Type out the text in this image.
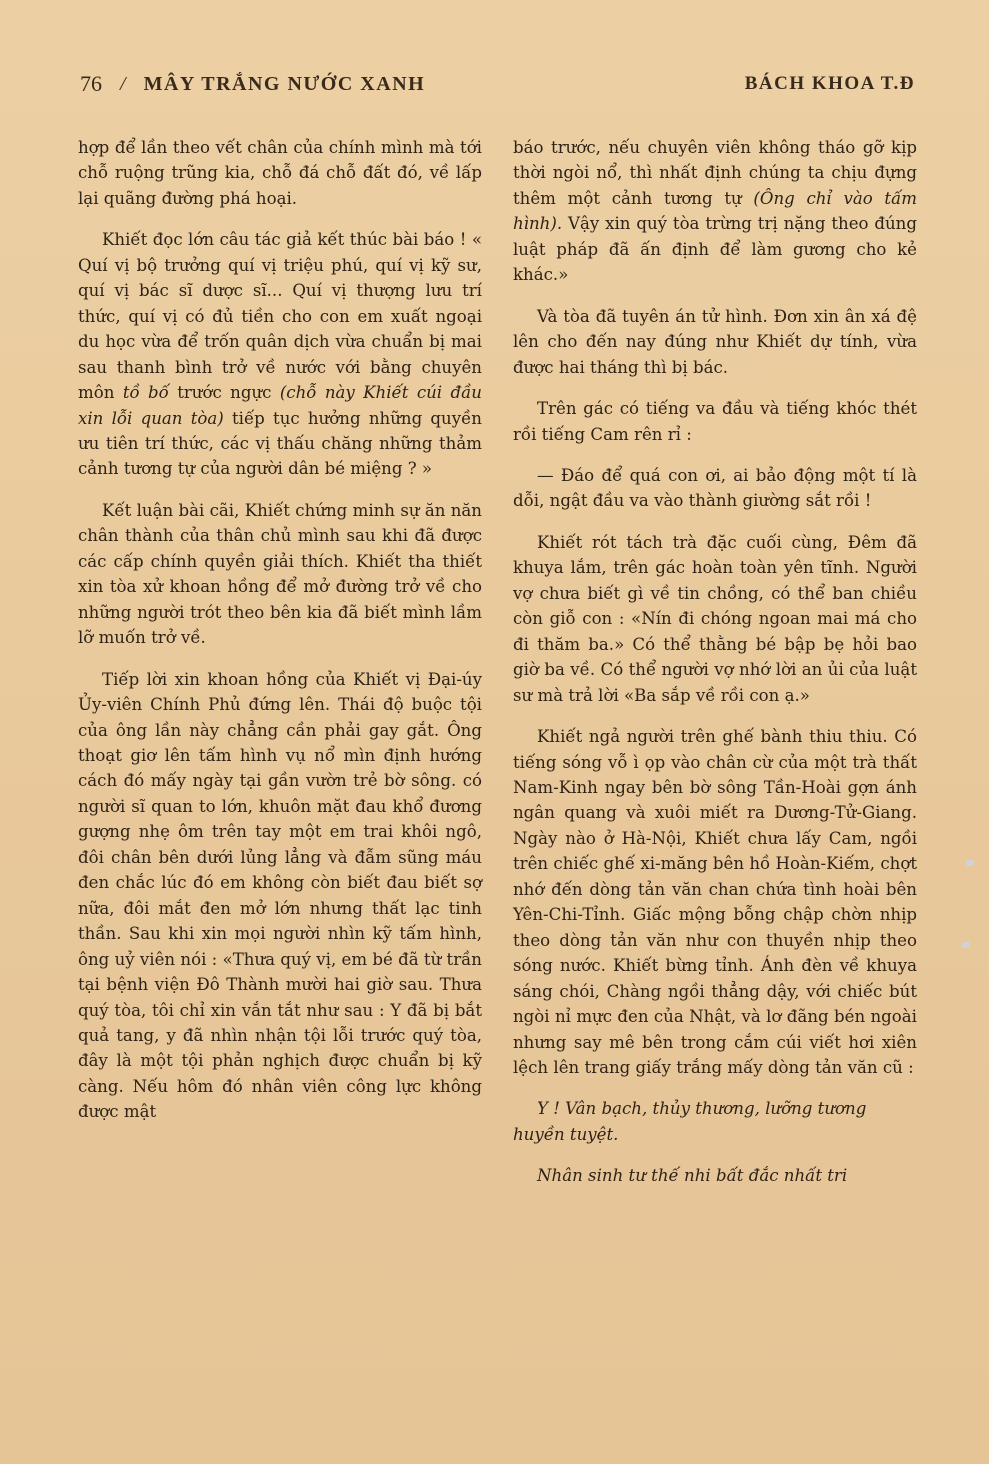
76 / MÂY TRẮNG NƯỚC XANH	BÁCH KHOA T.Đ

hợp để lần theo vết chân của chính mình mà tới chỗ ruộng trũng kia, chỗ đá chỗ đất đó, về lấp lại quãng đường phá hoại.

Khiết đọc lớn câu tác giả kết thúc bài báo ! « Quí vị bộ trưởng quí vị triệu phú, quí vị kỹ sư, quí vị bác sĩ dược sĩ... Quí vị thượng lưu trí thức, quí vị có đủ tiền cho con em xuất ngoại du học vừa để trốn quân dịch vừa chuẩn bị mai sau thanh bình trở về nước với bằng chuyên môn tồ bố trước ngực (chỗ này Khiết cúi đầu xin lỗi quan tòa) tiếp tục hưởng những quyền ưu tiên trí thức, các vị thấu chăng những thảm cảnh tương tự của người dân bé miệng ? »

Kết luận bài cãi, Khiết chứng minh sự ăn năn chân thành của thân chủ mình sau khi đã được các cấp chính quyền giải thích. Khiết tha thiết xin tòa xử khoan hồng để mở đường trở về cho những người trót theo bên kia đã biết mình lầm lỡ muốn trở về.

Tiếp lời xin khoan hồng của Khiết vị Đại-úy Ủy-viên Chính Phủ đứng lên. Thái độ buộc tội của ông lần này chẳng cần phải gay gắt. Ông thoạt giơ lên tấm hình vụ nổ mìn định hướng cách đó mấy ngày tại gần vườn trẻ bờ sông. có người sĩ quan to lớn, khuôn mặt đau khổ đương gượng nhẹ ôm trên tay một em trai khôi ngô, đôi chân bên dưới lủng lẳng và đẫm sũng máu đen chắc lúc đó em không còn biết đau biết sợ nữa, đôi mắt đen mở lớn nhưng thất lạc tinh thần. Sau khi xin mọi người nhìn kỹ tấm hình, ông uỷ viên nói : «Thưa quý vị, em bé đã từ trần tại bệnh viện Đô Thành mười hai giờ sau. Thưa quý tòa, tôi chỉ xin vắn tắt như sau : Y đã bị bắt quả tang, y đã nhìn nhận tội lỗi trước quý tòa, đây là một tội phản nghịch được chuẩn bị kỹ càng. Nếu hôm đó nhân viên công lực không được mật

báo trước, nếu chuyên viên không tháo gỡ kịp thời ngòi nổ, thì nhất định chúng ta chịu đựng thêm một cảnh tương tự (Ông chỉ vào tấm hình). Vậy xin quý tòa trừng trị nặng theo đúng luật pháp đã ấn định để làm gương cho kẻ khác.»

Và tòa đã tuyên án tử hình. Đơn xin ân xá đệ lên cho đến nay đúng như Khiết dự tính, vừa được hai tháng thì bị bác.

Trên gác có tiếng va đầu và tiếng khóc thét rồi tiếng Cam rên rỉ :

— Đáo để quá con ơi, ai bảo động một tí là dỗi, ngật đầu va vào thành giường sắt rồi !

Khiết rót tách trà đặc cuối cùng, Đêm đã khuya lắm, trên gác hoàn toàn yên tĩnh. Người vợ chưa biết gì về tin chồng, có thể ban chiều còn giỗ con : «Nín đi chóng ngoan mai má cho đi thăm ba.» Có thể thằng bé bập bẹ hỏi bao giờ ba về. Có thể người vợ nhớ lời an ủi của luật sư mà trả lời «Ba sắp về rồi con ạ.»

Khiết ngả người trên ghế bành thiu thiu. Có tiếng sóng vỗ ì ọp vào chân cừ của một trà thất Nam-Kinh ngay bên bờ sông Tần-Hoài gợn ánh ngân quang và xuôi miết ra Dương-Tử-Giang. Ngày nào ở Hà-Nội, Khiết chưa lấy Cam, ngồi trên chiếc ghế xi-măng bên hồ Hoàn-Kiếm, chợt nhớ đến dòng tản văn chan chứa tình hoài bên Yên-Chi-Tỉnh. Giấc mộng bỗng chập chờn nhịp theo dòng tản văn như con thuyền nhịp theo sóng nước. Khiết bừng tỉnh. Ánh đèn về khuya sáng chói, Chàng ngồi thẳng dậy, với chiếc bút ngòi nỉ mực đen của Nhật, và lơ đãng bén ngoài nhưng say mê bên trong cắm cúi viết hơi xiên lệch lên trang giấy trắng mấy dòng tản văn cũ :

Y ! Vân bạch, thủy thương, lưỡng tương huyền tuyệt.

Nhân sinh tư thế nhi bất đắc nhất tri
